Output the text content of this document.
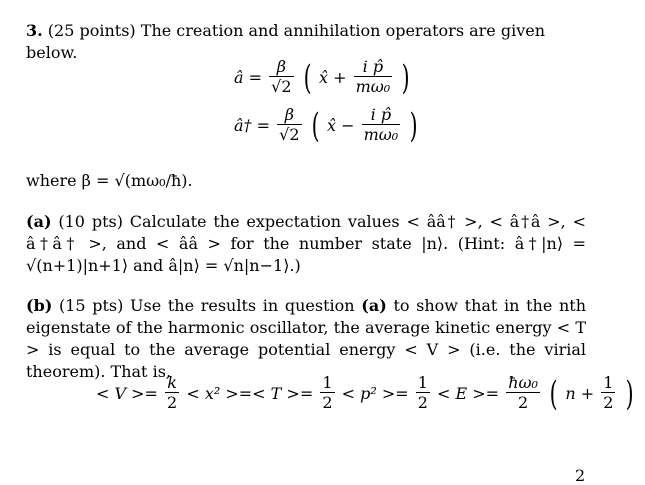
3. (25 points) The creation and annihilation operators are given below.
â = $\frac{\beta}{√2}$ ( x̂ + $\frac{\text{i p̂}}{\text{mω₀}}$ )
â† = $\frac{\beta}{√2}$ ( x̂ − $\frac{\text{i p̂}}{\text{mω₀}}$ )
where β = √(mω₀/ħ).
(a) (10 pts) Calculate the expectation values < ââ† >, < â†â >, < â†â† >, and < ââ > for the number state |n⟩. (Hint: â†|n⟩ = √(n+1)|n+1⟩ and â|n⟩ = √n|n−1⟩.)
(b) (15 pts) Use the results in question (a) to show that in the nth eigenstate of the harmonic oscillator, the average kinetic energy < T > is equal to the average potential energy < V > (i.e. the virial theorem). That is,
< $V >= \frac{k}{2} < x^2$ >=< $T >= \frac{1}{2} < p^2 >= \frac{1}{2} < E >= \frac{\text{ħω₀}}{2}$ ( $n + \frac{1}{2}$ )
2
